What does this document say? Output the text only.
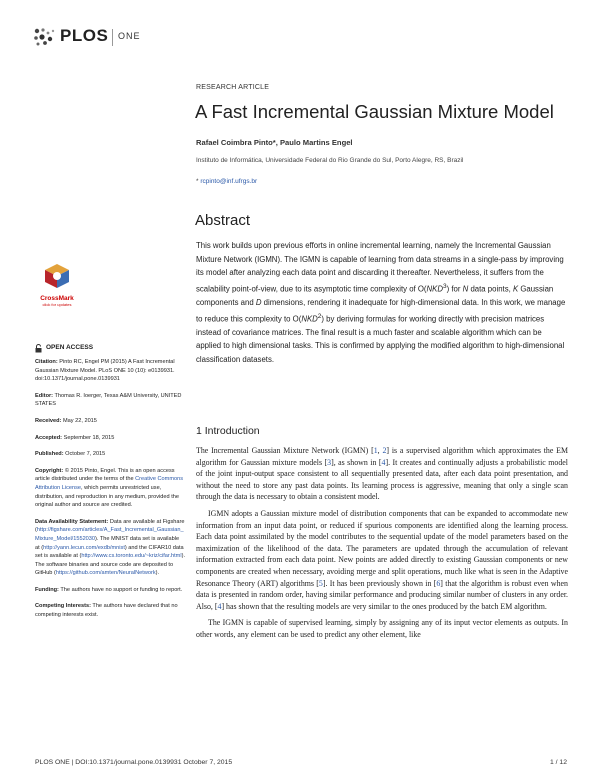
PLOS ONE
RESEARCH ARTICLE
A Fast Incremental Gaussian Mixture Model
Rafael Coimbra Pinto*, Paulo Martins Engel
Instituto de Informática, Universidade Federal do Rio Grande do Sul, Porto Alegre, RS, Brazil
* rcpinto@inf.ufrgs.br
Abstract
This work builds upon previous efforts in online incremental learning, namely the Incremental Gaussian Mixture Network (IGMN). The IGMN is capable of learning from data streams in a single-pass by improving its model after analyzing each data point and discarding it thereafter. Nevertheless, it suffers from the scalability point-of-view, due to its asymptotic time complexity of O(NKD$^3$) for N data points, K Gaussian components and D dimensions, rendering it inadequate for high-dimensional data. In this work, we manage to reduce this complexity to O(NKD$^2$) by deriving formulas for working directly with precision matrices instead of covariance matrices. The final result is a much faster and scalable algorithm which can be applied to high dimensional tasks. This is confirmed by applying the modified algorithm to high-dimensional classification datasets.
CrossMark
click for updates
OPEN ACCESS
Citation: Pinto RC, Engel PM (2015) A Fast Incremental Gaussian Mixture Model. PLoS ONE 10 (10): e0139931. doi:10.1371/journal.pone.0139931
Editor: Thomas R. Ioerger, Texas A&M University, UNITED STATES
Received: May 22, 2015
Accepted: September 18, 2015
Published: October 7, 2015
Copyright: © 2015 Pinto, Engel. This is an open access article distributed under the terms of the Creative Commons Attribution License, which permits unrestricted use, distribution, and reproduction in any medium, provided the original author and source are credited.
Data Availability Statement: Data are available at Figshare (http://figshare.com/articles/A_Fast_Incremental_Gaussian_Mixture_Model/1552030). The MNIST data set is available at (http://yann.lecun.com/exdb/mnist) and the CIFAR10 data set is available at (http://www.cs.toronto.edu/~kriz/cifar.html). The software binaries and source code are deposited to GitHub (https://github.com/amten/NeuralNetwork).
Funding: The authors have no support or funding to report.
Competing Interests: The authors have declared that no competing interests exist.
1 Introduction

The Incremental Gaussian Mixture Network (IGMN) [1, 2] is a supervised algorithm which approximates the EM algorithm for Gaussian mixture models [3], as shown in [4]. It creates and continually adjusts a probabilistic model of the joint input-output space consistent to all sequentially presented data, after each data point presentation, and without the need to store any past data points. Its learning process is aggressive, meaning that only a single scan through the data is necessary to obtain a consistent model.

IGMN adopts a Gaussian mixture model of distribution components that can be expanded to accommodate new information from an input data point, or reduced if spurious components are identified along the learning process. Each data point assimilated by the model contributes to the sequential update of the model parameters based on the maximization of the likelihood of the data. The parameters are updated through the accumulation of relevant information extracted from each data point. New points are added directly to existing Gaussian components or new components are created when necessary, avoiding merge and split operations, much like what is seen in the Adaptive Resonance Theory (ART) algorithms [5]. It has been previously shown in [6] that the algorithm is robust even when data is presented in random order, having similar performance and producing similar number of clusters in any order. Also, [4] has shown that the resulting models are very similar to the ones produced by the batch EM algorithm.

The IGMN is capable of supervised learning, simply by assigning any of its input vector elements as outputs. In other words, any element can be used to predict any other element, like

PLOS ONE | DOI:10.1371/journal.pone.0139931 October 7, 2015	1 / 12
